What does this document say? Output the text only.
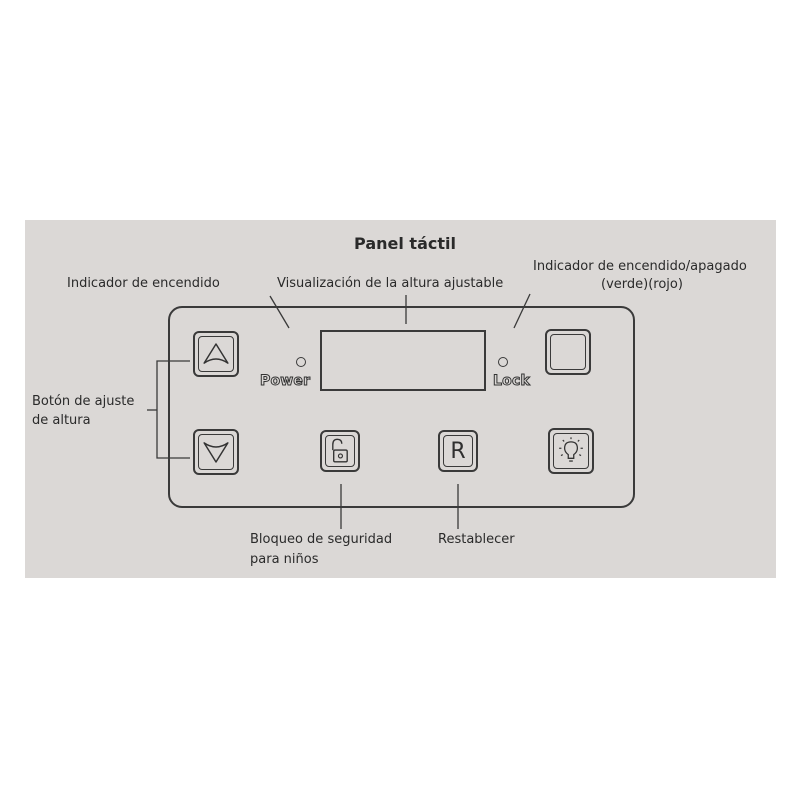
Panel táctil
Indicador de encendido	Visualización de la altura ajustable
Indicador de encendido/apagado
(verde)(rojo)
Botón de ajuste
de altura
Bloqueo de seguridad
para niños
Restablecer
Power	Lock
R
